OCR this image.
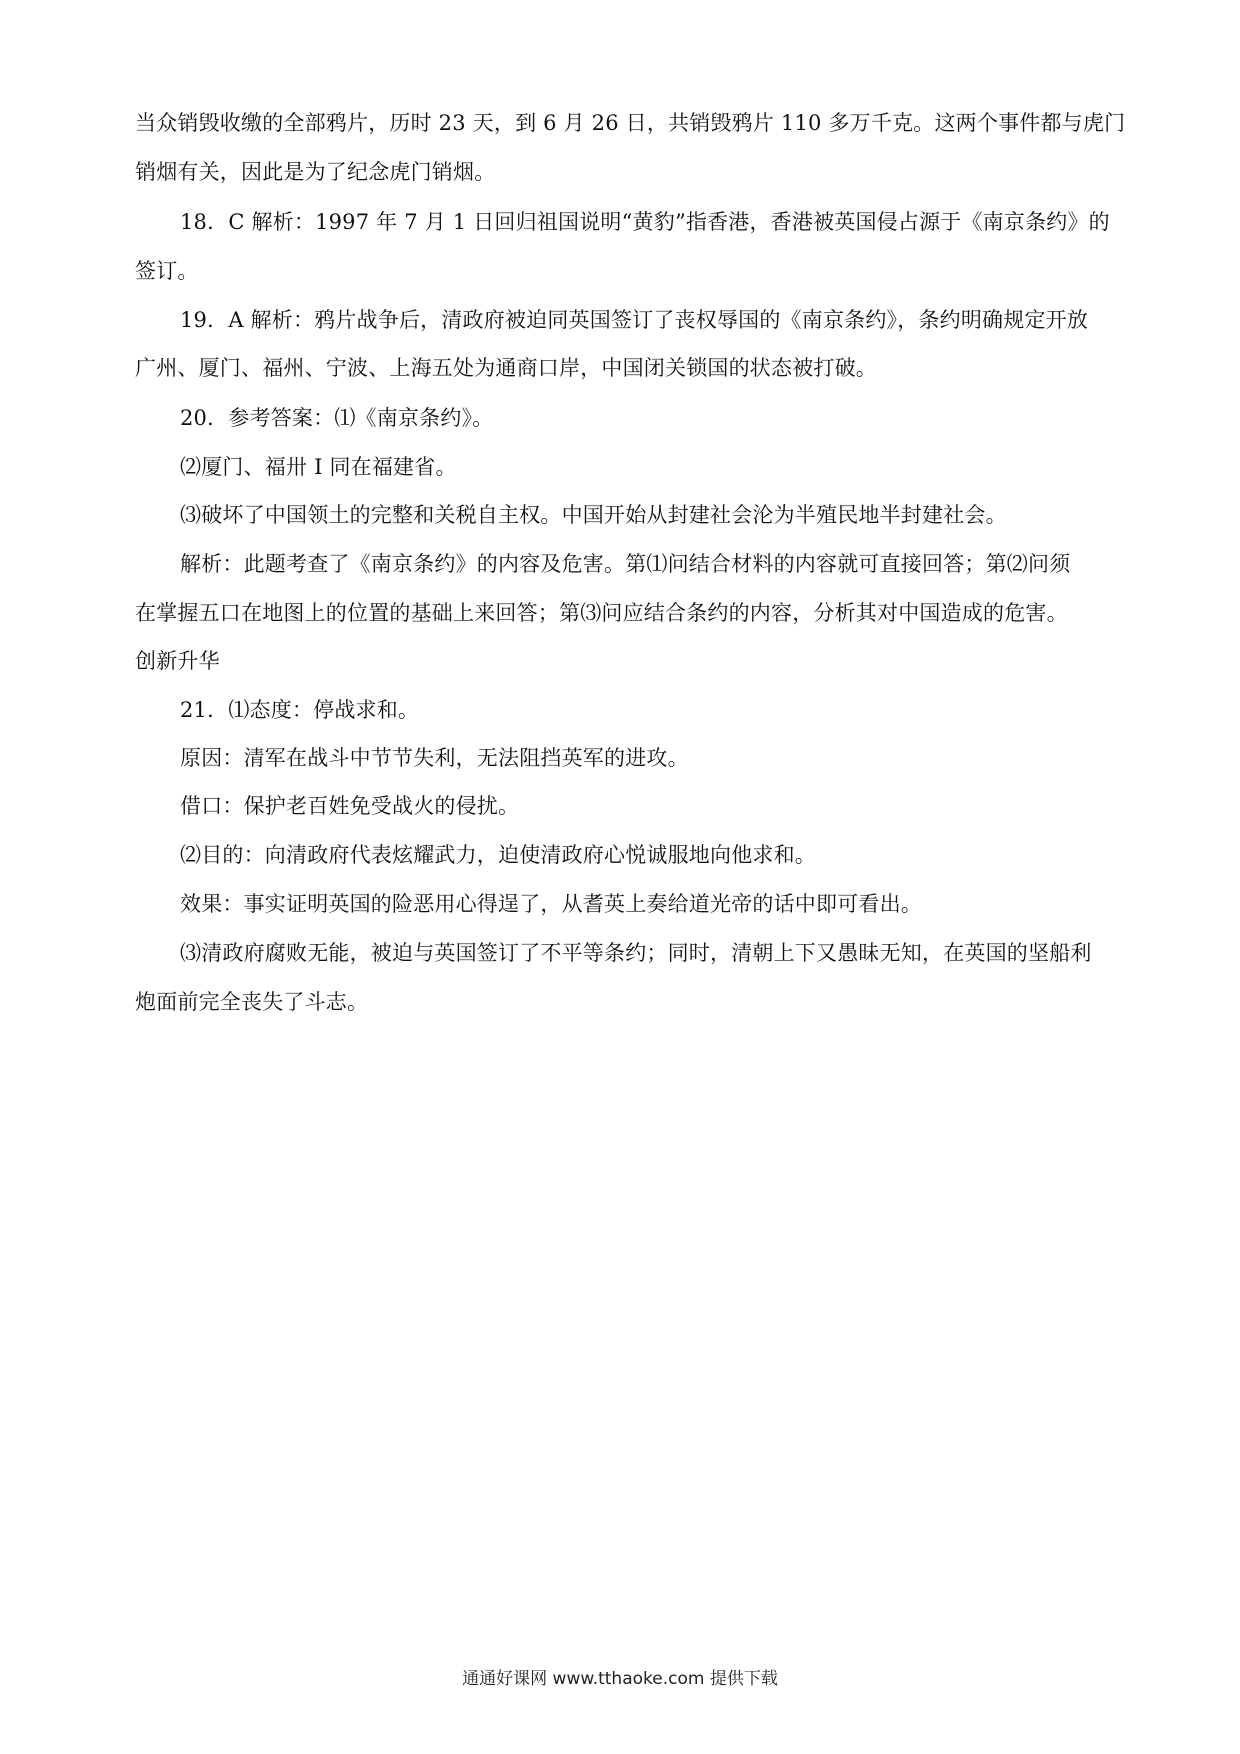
当众销毁收缴的全部鸦片，历时 23 天，到 6 月 26 日，共销毁鸦片 110 多万千克。这两个事件都与虎门
销烟有关，因此是为了纪念虎门销烟。
18．C 解析：1997 年 7 月 1 日回归祖国说明“黄豹”指香港，香港被英国侵占源于《南京条约》的
签订。
19．A 解析：鸦片战争后，清政府被迫同英国签订了丧权辱国的《南京条约》，条约明确规定开放
广州、厦门、福州、宁波、上海五处为通商口岸，中国闭关锁国的状态被打破。
20．参考答案：⑴《南京条约》。
⑵厦门、福卅 I 同在福建省。
⑶破坏了中国领土的完整和关税自主权。中国开始从封建社会沦为半殖民地半封建社会。
解析：此题考查了《南京条约》的内容及危害。第⑴问结合材料的内容就可直接回答；第⑵问须
在掌握五口在地图上的位置的基础上来回答；第⑶问应结合条约的内容，分析其对中国造成的危害。
创新升华
21．⑴态度：停战求和。
原因：清军在战斗中节节失利，无法阻挡英军的进攻。
借口：保护老百姓免受战火的侵扰。
⑵目的：向清政府代表炫耀武力，迫使清政府心悦诚服地向他求和。
效果：事实证明英国的险恶用心得逞了，从耆英上奏给道光帝的话中即可看出。
⑶清政府腐败无能，被迫与英国签订了不平等条约；同时，清朝上下又愚昧无知，在英国的坚船利
炮面前完全丧失了斗志。
通通好课网 www.tthaoke.com 提供下载
